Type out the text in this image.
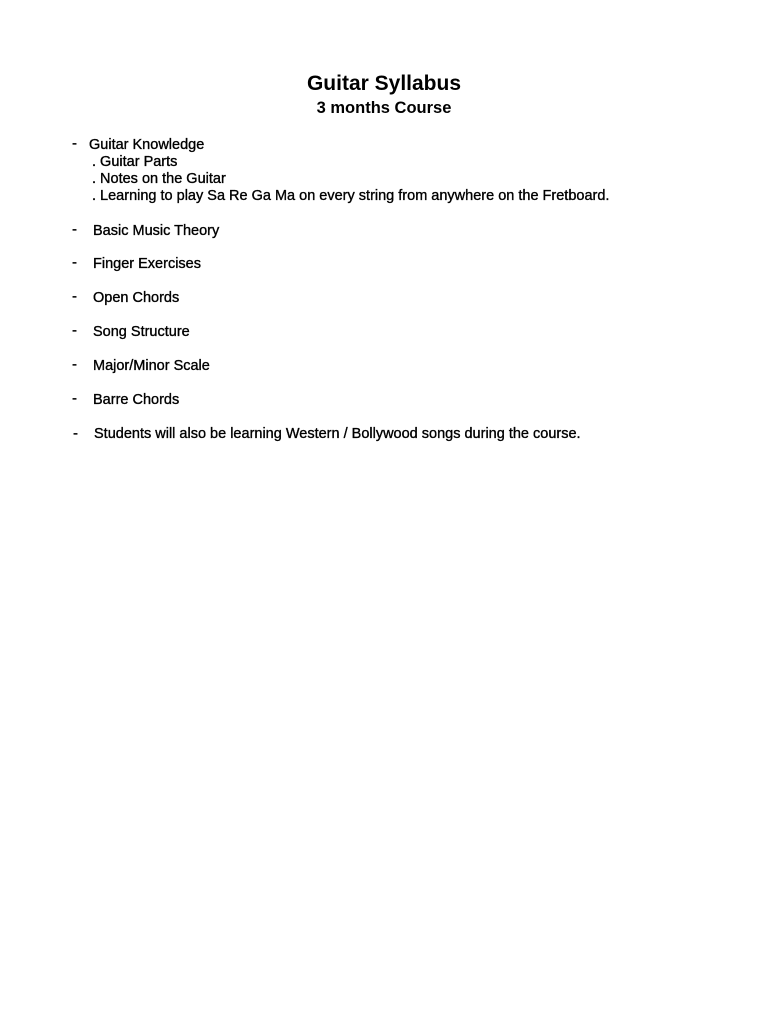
Guitar Syllabus
3 months Course
- Guitar Knowledge
. Guitar Parts
. Notes on the Guitar
. Learning to play Sa Re Ga Ma on every string from anywhere on the Fretboard.
- Basic Music Theory
- Finger Exercises
- Open Chords
- Song Structure
- Major/Minor Scale
- Barre Chords
- Students will also be learning Western / Bollywood songs during the course.
